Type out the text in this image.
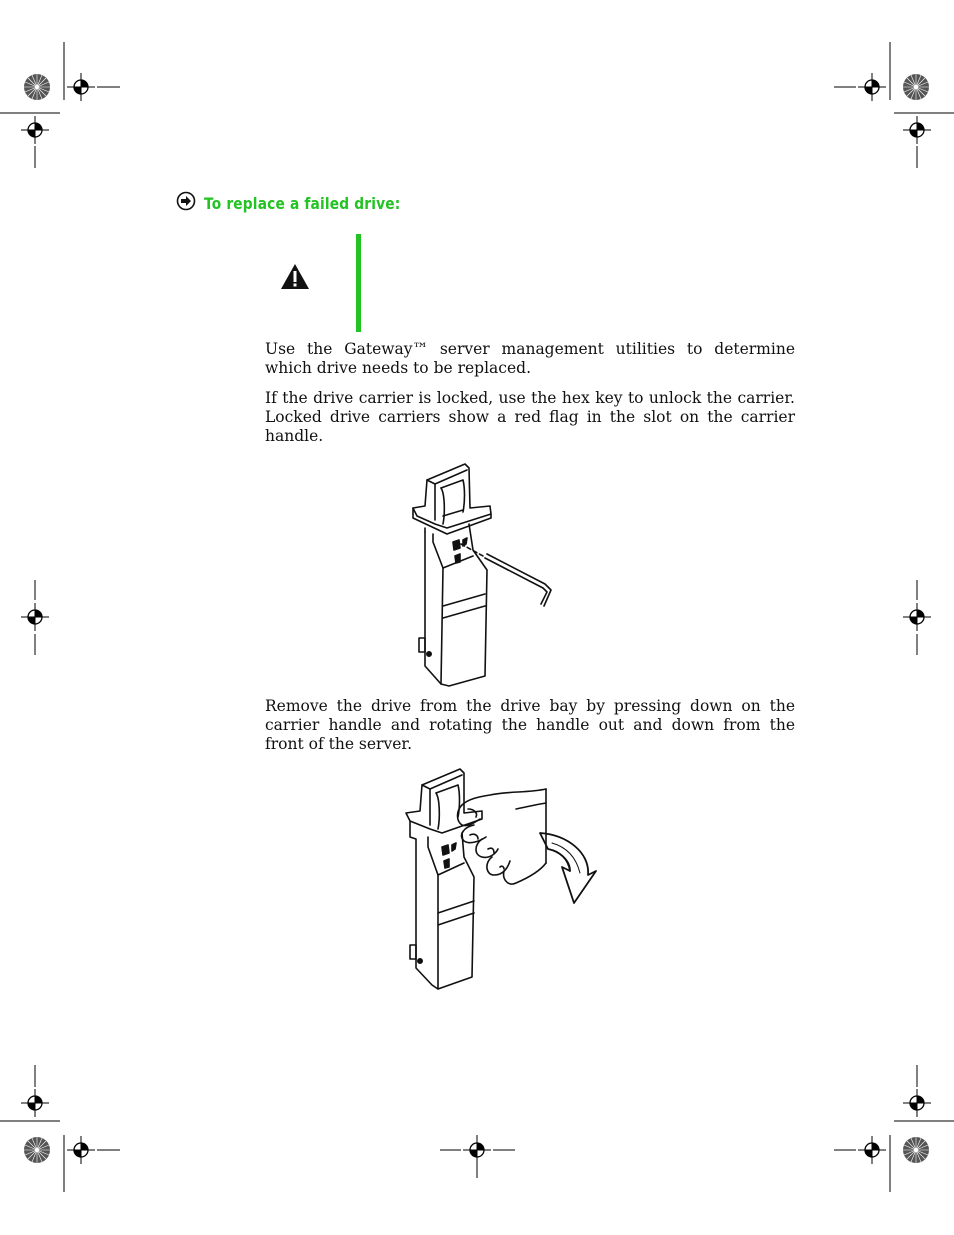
To replace a failed drive:

Use the Gateway™ server management utilities to determine which drive needs to be replaced.

If the drive carrier is locked, use the hex key to unlock the carrier. Locked drive carriers show a red flag in the slot on the carrier handle.

Remove the drive from the drive bay by pressing down on the carrier handle and rotating the handle out and down from the front of the server.
